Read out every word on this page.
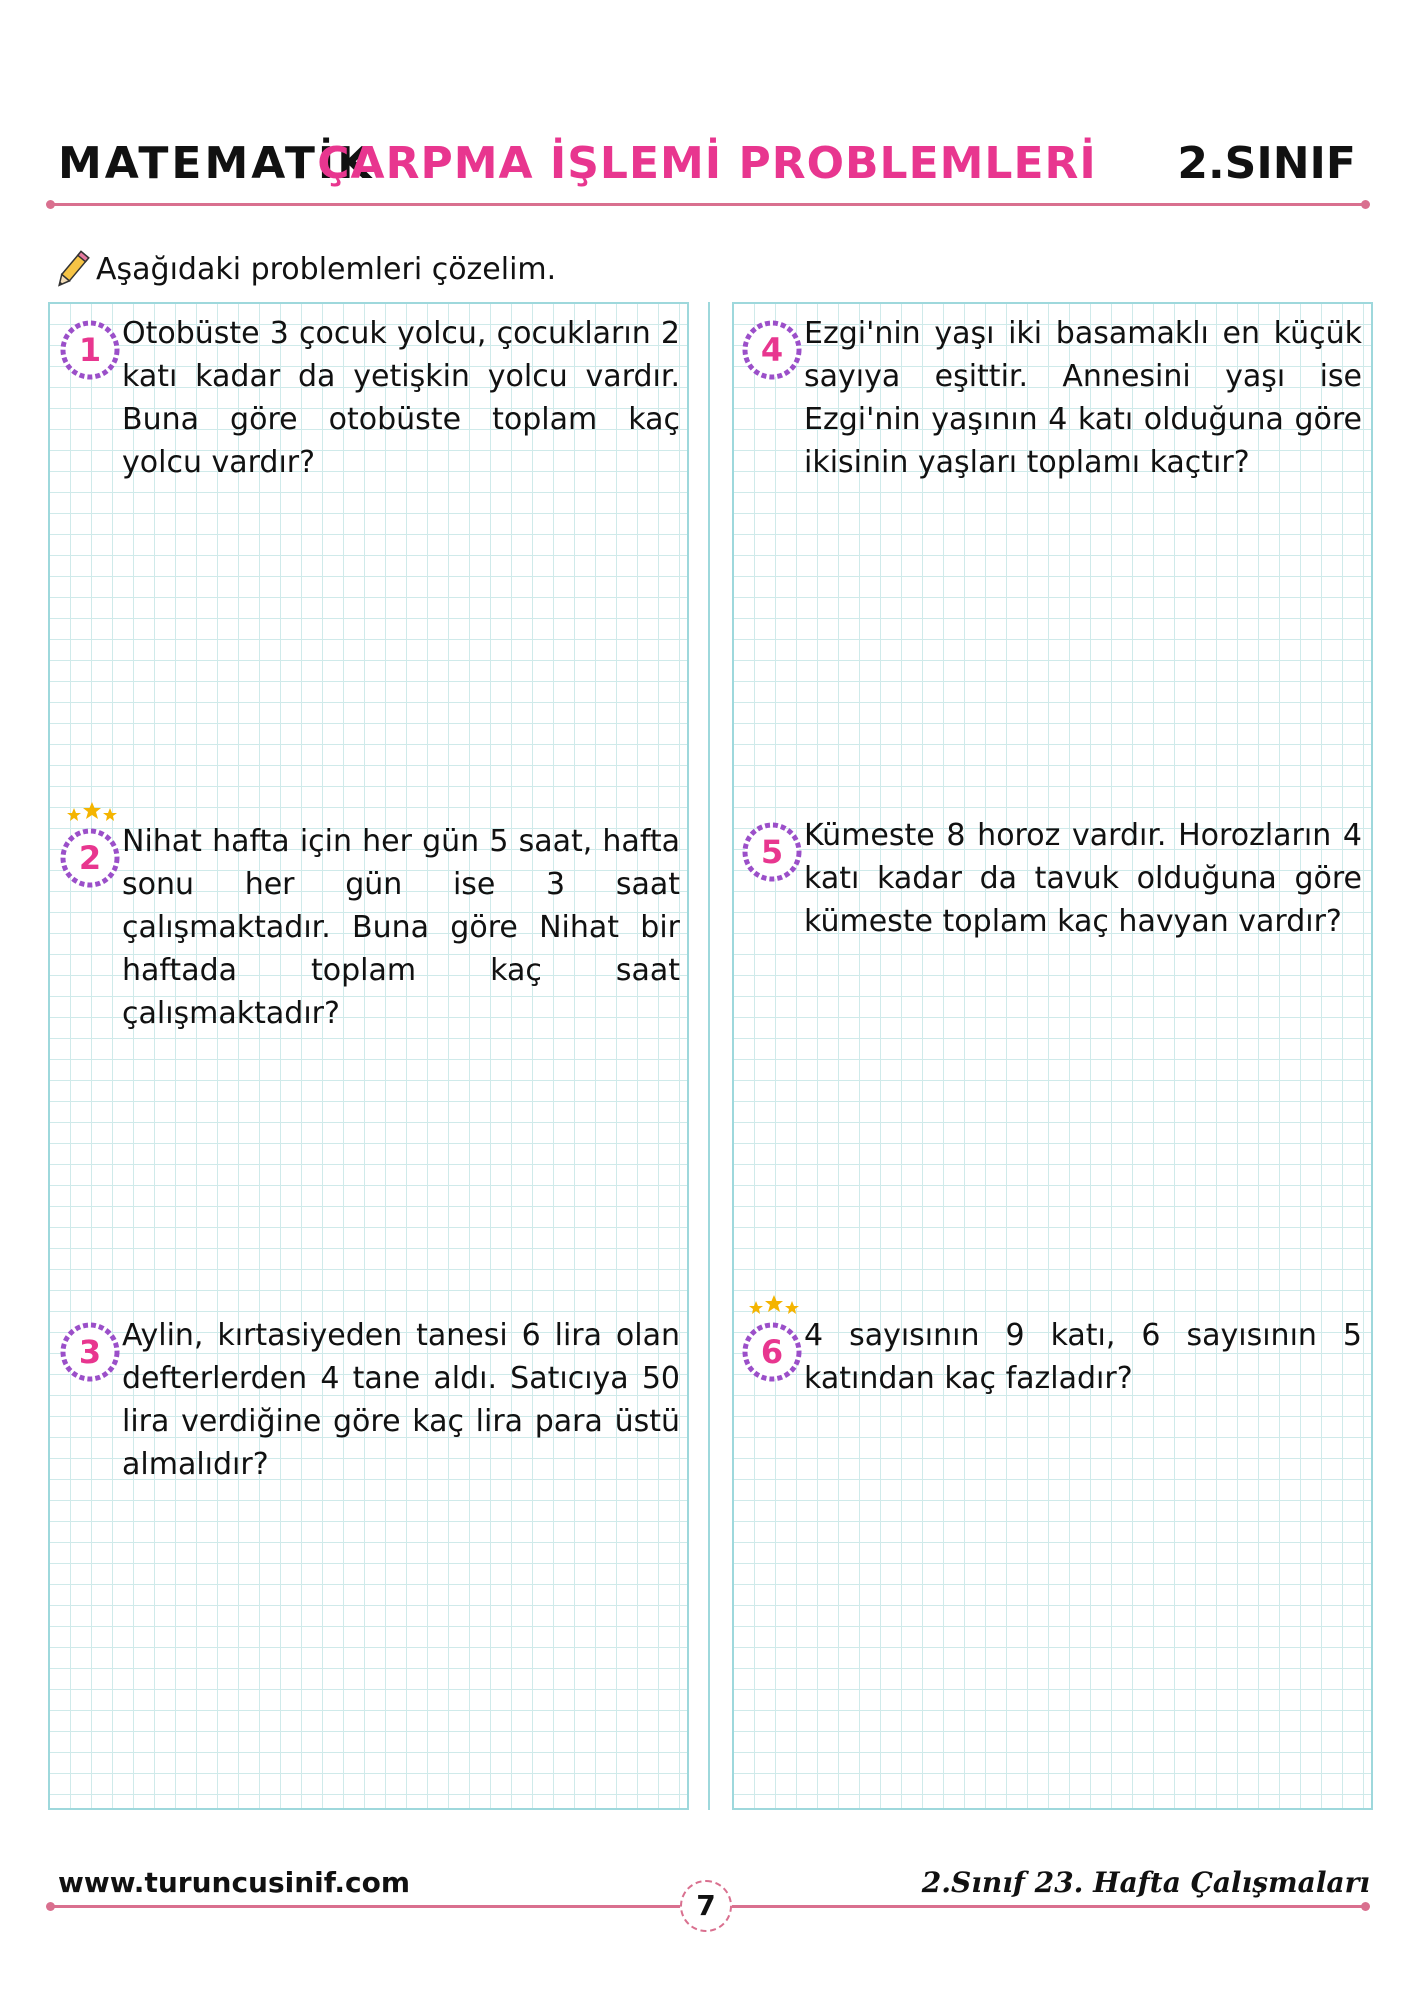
MATEMATİK
ÇARPMA İŞLEMİ PROBLEMLERİ	2.SINIF
Aşağıdaki problemleri çözelim.
1 Otobüste 3 çocuk yolcu, çocukların 2 katı kadar da yetişkin yolcu vardır. Buna göre otobüste toplam kaç yolcu vardır?
2 Nihat hafta için her gün 5 saat, hafta sonu her gün ise 3 saat çalışmaktadır. Buna göre Nihat bir haftada toplam kaç saat çalışmaktadır?
3 Aylin, kırtasiyeden tanesi 6 lira olan defterlerden 4 tane aldı. Satıcıya 50 lira verdiğine göre kaç lira para üstü almalıdır?
4 Ezgi'nin yaşı iki basamaklı en küçük sayıya eşittir. Annesini yaşı ise Ezgi'nin yaşının 4 katı olduğuna göre ikisinin yaşları toplamı kaçtır?
5 Kümeste 8 horoz vardır. Horozların 4 katı kadar da tavuk olduğuna göre kümeste toplam kaç havyan vardır?
6 4 sayısının 9 katı, 6 sayısının 5 katından kaç fazladır?
www.turuncusinif.com	2.Sınıf 23. Hafta Çalışmaları
7
